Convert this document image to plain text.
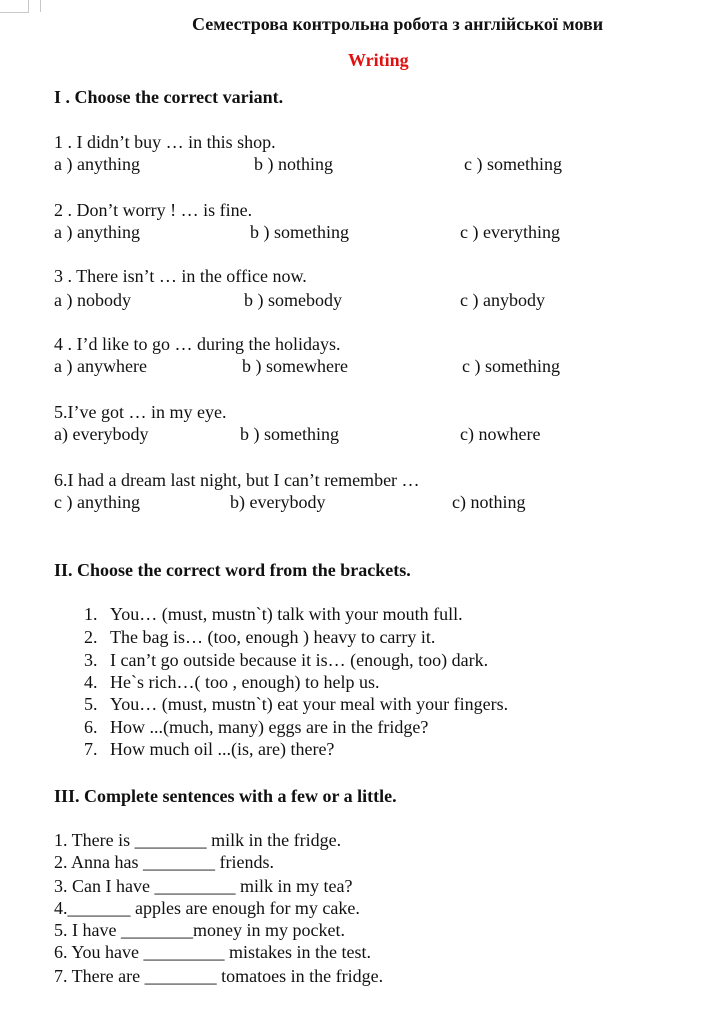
Семестрова контрольна робота з англійської мови
Writing
I . Choose the correct variant.
1 . I didn’t buy … in this shop.
a ) anything	b ) nothing	c ) something
2 . Don’t worry ! … is fine.
a ) anything	b ) something	c ) everything
3 . There isn’t … in the office now.
a ) nobody	b ) somebody	c ) anybody
4 . I’d like to go … during the holidays.
a ) anywhere	b ) somewhere	c ) something
5.I’ve got … in my eye.
a) everybody	b ) something	c) nowhere
6.I had a dream last night, but I can’t remember …
c ) anything	b) everybody	c) nothing
II. Choose the correct word from the brackets.
1. You… (must, mustn`t) talk with your mouth full.
2. The bag is… (too, enough ) heavy to carry it.
3. I can’t go outside because it is… (enough, too) dark.
4. He`s rich…( too , enough) to help us.
5. You… (must, mustn`t) eat your meal with your fingers.
6. How ...(much, many) eggs are in the fridge?
7. How much oil ...(is, are) there?
III. Complete sentences with a few or a little.
1. There is ________ milk in the fridge.
2. Anna has ________ friends.
3. Can I have _________ milk in my tea?
4._______ apples are enough for my cake.
5. I have ________money in my pocket.
6. You have _________ mistakes in the test.
7. There are ________ tomatoes in the fridge.
